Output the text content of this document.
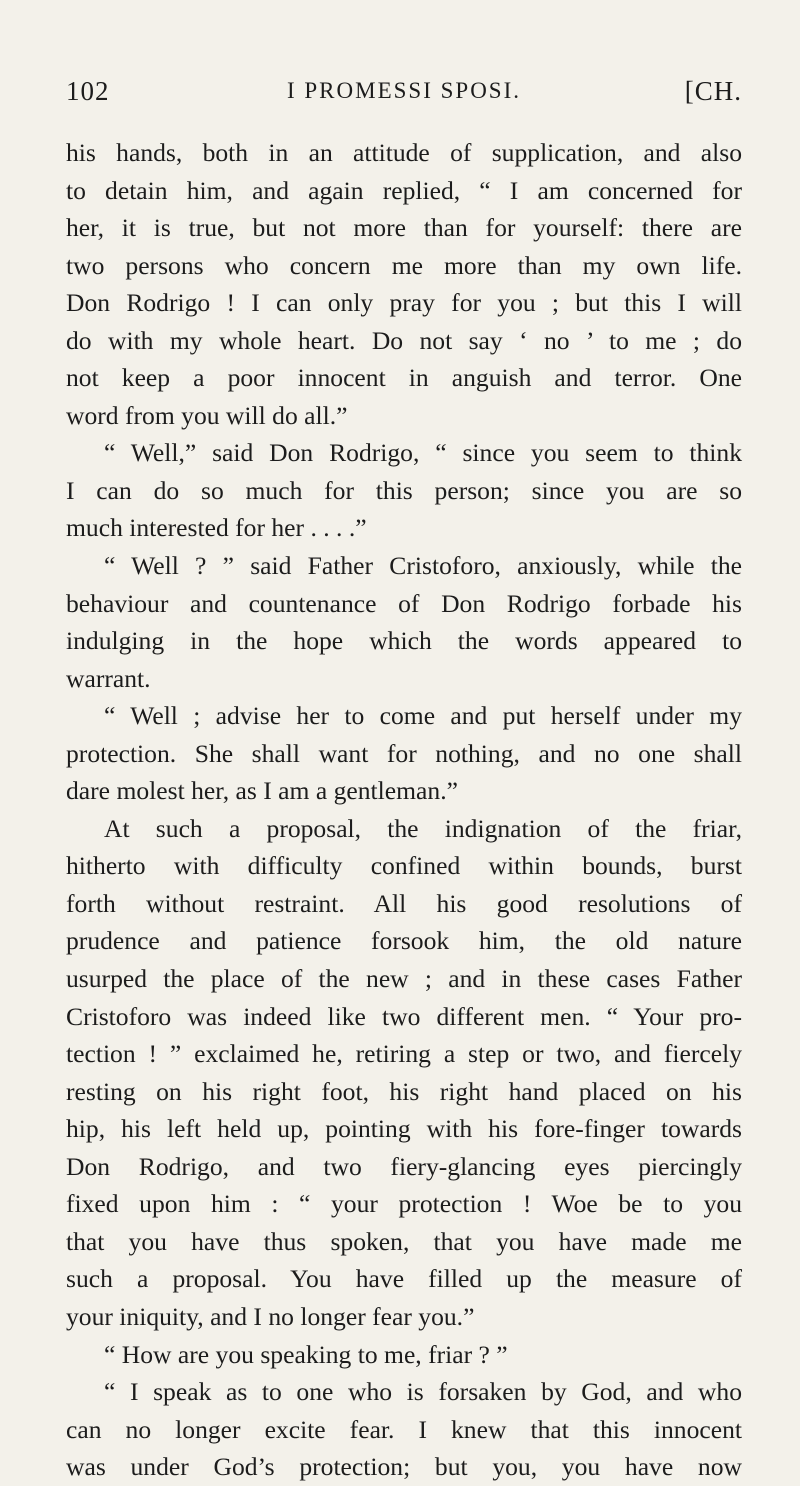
102	I PROMESSI SPOSI.	[CH.
his hands, both in an attitude of supplication, and also
to detain him, and again replied, “ I am concerned for
her, it is true, but not more than for yourself: there are
two persons who concern me more than my own life.
Don Rodrigo ! I can only pray for you ; but this I will
do with my whole heart. Do not say ‘ no ’ to me ; do
not keep a poor innocent in anguish and terror. One
word from you will do all.”
“ Well,” said Don Rodrigo, “ since you seem to think
I can do so much for this person; since you are so
much interested for her . . . .”
“ Well ? ” said Father Cristoforo, anxiously, while the
behaviour and countenance of Don Rodrigo forbade his
indulging in the hope which the words appeared to
warrant.
“ Well ; advise her to come and put herself under my
protection. She shall want for nothing, and no one shall
dare molest her, as I am a gentleman.”
At such a proposal, the indignation of the friar,
hitherto with difficulty confined within bounds, burst
forth without restraint. All his good resolutions of
prudence and patience forsook him, the old nature
usurped the place of the new ; and in these cases Father
Cristoforo was indeed like two different men. “ Your pro-
tection ! ” exclaimed he, retiring a step or two, and fiercely
resting on his right foot, his right hand placed on his
hip, his left held up, pointing with his fore-finger towards
Don Rodrigo, and two fiery-glancing eyes piercingly
fixed upon him : “ your protection ! Woe be to you
that you have thus spoken, that you have made me
such a proposal. You have filled up the measure of
your iniquity, and I no longer fear you.”
“ How are you speaking to me, friar ? ”
“ I speak as to one who is forsaken by God, and who
can no longer excite fear. I knew that this innocent
was under God’s protection; but you, you have now
